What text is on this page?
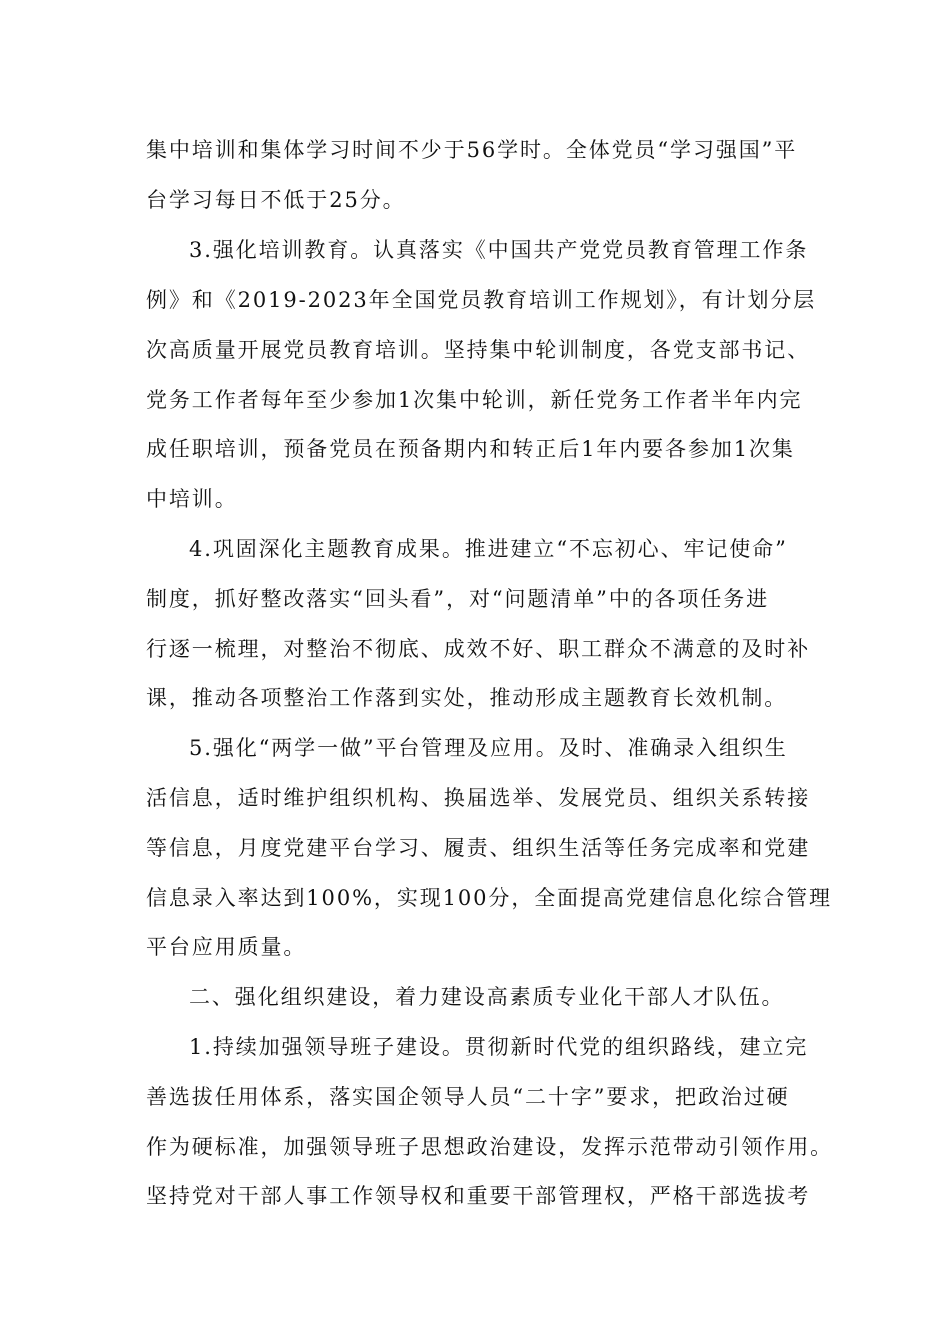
集中培训和集体学习时间不少于56学时。全体党员“学习强国”平
台学习每日不低于25分。
3.强化培训教育。认真落实《中国共产党党员教育管理工作条
例》和《2019-2023年全国党员教育培训工作规划》，有计划分层
次高质量开展党员教育培训。坚持集中轮训制度，各党支部书记、
党务工作者每年至少参加1次集中轮训，新任党务工作者半年内完
成任职培训，预备党员在预备期内和转正后1年内要各参加1次集
中培训。
4.巩固深化主题教育成果。推进建立“不忘初心、牢记使命”
制度，抓好整改落实“回头看”，对“问题清单”中的各项任务进
行逐一梳理，对整治不彻底、成效不好、职工群众不满意的及时补
课，推动各项整治工作落到实处，推动形成主题教育长效机制。
5.强化“两学一做”平台管理及应用。及时、准确录入组织生
活信息，适时维护组织机构、换届选举、发展党员、组织关系转接
等信息，月度党建平台学习、履责、组织生活等任务完成率和党建
信息录入率达到100%，实现100分，全面提高党建信息化综合管理
平台应用质量。
二、强化组织建设，着力建设高素质专业化干部人才队伍。
1.持续加强领导班子建设。贯彻新时代党的组织路线，建立完
善选拔任用体系，落实国企领导人员“二十字”要求，把政治过硬
作为硬标准，加强领导班子思想政治建设，发挥示范带动引领作用。
坚持党对干部人事工作领导权和重要干部管理权，严格干部选拔考
